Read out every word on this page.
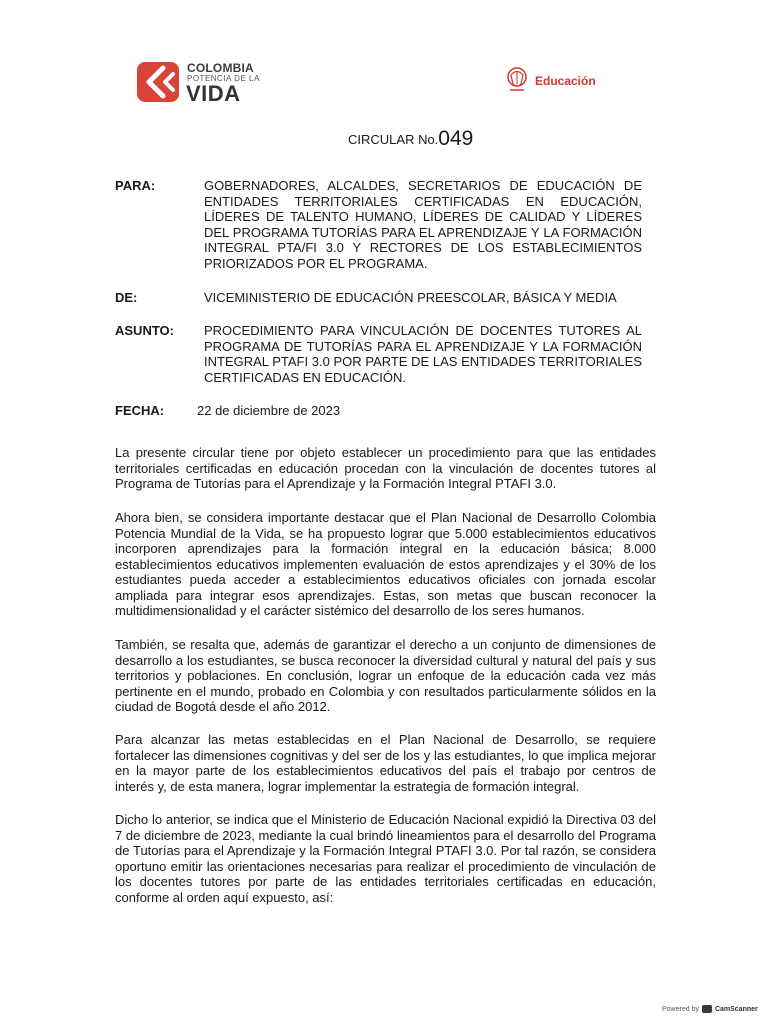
COLOMBIA
POTENCIA DE LA
VIDA	Educación
CIRCULAR No.049
PARA:	GOBERNADORES, ALCALDES, SECRETARIOS DE EDUCACIÓN DE ENTIDADES TERRITORIALES CERTIFICADAS EN EDUCACIÓN, LÍDERES DE TALENTO HUMANO, LÍDERES DE CALIDAD Y LÍDERES DEL PROGRAMA TUTORÍAS PARA EL APRENDIZAJE Y LA FORMACIÓN INTEGRAL PTA/FI 3.0 Y RECTORES DE LOS ESTABLECIMIENTOS PRIORIZADOS POR EL PROGRAMA.
DE:	VICEMINISTERIO DE EDUCACIÓN PREESCOLAR, BÁSICA Y MEDIA
ASUNTO: PROCEDIMIENTO PARA VINCULACIÓN DE DOCENTES TUTORES AL PROGRAMA DE TUTORÍAS PARA EL APRENDIZAJE Y LA FORMACIÓN INTEGRAL PTAFI 3.0 POR PARTE DE LAS ENTIDADES TERRITORIALES CERTIFICADAS EN EDUCACIÓN.
FECHA:	22 de diciembre de 2023
La presente circular tiene por objeto establecer un procedimiento para que las entidades territoriales certificadas en educación procedan con la vinculación de docentes tutores al Programa de Tutorías para el Aprendizaje y la Formación Integral PTAFI 3.0.
Ahora bien, se considera importante destacar que el Plan Nacional de Desarrollo Colombia Potencia Mundial de la Vida, se ha propuesto lograr que 5.000 establecimientos educativos incorporen aprendizajes para la formación integral en la educación básica; 8.000 establecimientos educativos implementen evaluación de estos aprendizajes y el 30% de los estudiantes pueda acceder a establecimientos educativos oficiales con jornada escolar ampliada para integrar esos aprendizajes. Estas, son metas que buscan reconocer la multidimensionalidad y el carácter sistémico del desarrollo de los seres humanos.
También, se resalta que, además de garantizar el derecho a un conjunto de dimensiones de desarrollo a los estudiantes, se busca reconocer la diversidad cultural y natural del país y sus territorios y poblaciones. En conclusión, lograr un enfoque de la educación cada vez más pertinente en el mundo, probado en Colombia y con resultados particularmente sólidos en la ciudad de Bogotá desde el año 2012.
Para alcanzar las metas establecidas en el Plan Nacional de Desarrollo, se requiere fortalecer las dimensiones cognitivas y del ser de los y las estudiantes, lo que implica mejorar en la mayor parte de los establecimientos educativos del país el trabajo por centros de interés y, de esta manera, lograr implementar la estrategia de formación integral.
Dicho lo anterior, se indica que el Ministerio de Educación Nacional expidió la Directiva 03 del 7 de diciembre de 2023, mediante la cual brindó lineamientos para el desarrollo del Programa de Tutorías para el Aprendizaje y la Formación Integral PTAFI 3.0. Por tal razón, se considera oportuno emitir las orientaciones necesarias para realizar el procedimiento de vinculación de los docentes tutores por parte de las entidades territoriales certificadas en educación, conforme al orden aquí expuesto, así:
Powered by CamScanner
